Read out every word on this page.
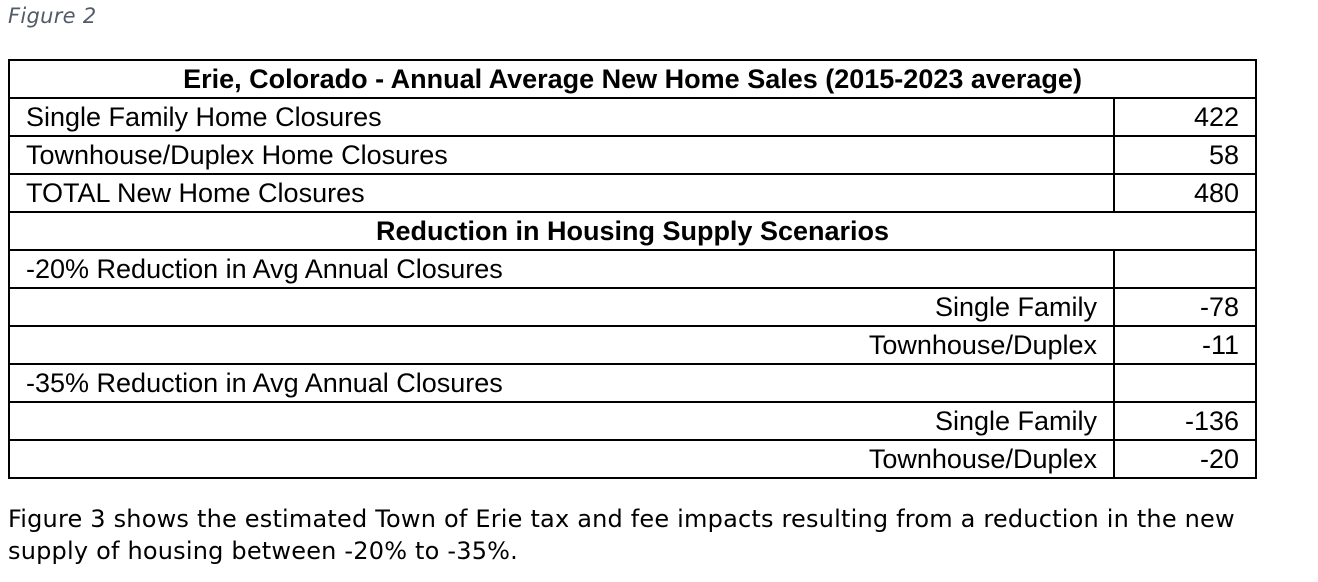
Figure 2
Erie, Colorado - Annual Average New Home Sales (2015-2023 average)	
Single Family Home Closures	422
Townhouse/Duplex Home Closures	58
TOTAL New Home Closures	480
Reduction in Housing Supply Scenarios	
-20% Reduction in Avg Annual Closures	
Single Family	-78
Townhouse/Duplex	-11
-35% Reduction in Avg Annual Closures	
Single Family	-136
Townhouse/Duplex	-20
Figure 3 shows the estimated Town of Erie tax and fee impacts resulting from a reduction in the new supply of housing between -20% to -35%.
